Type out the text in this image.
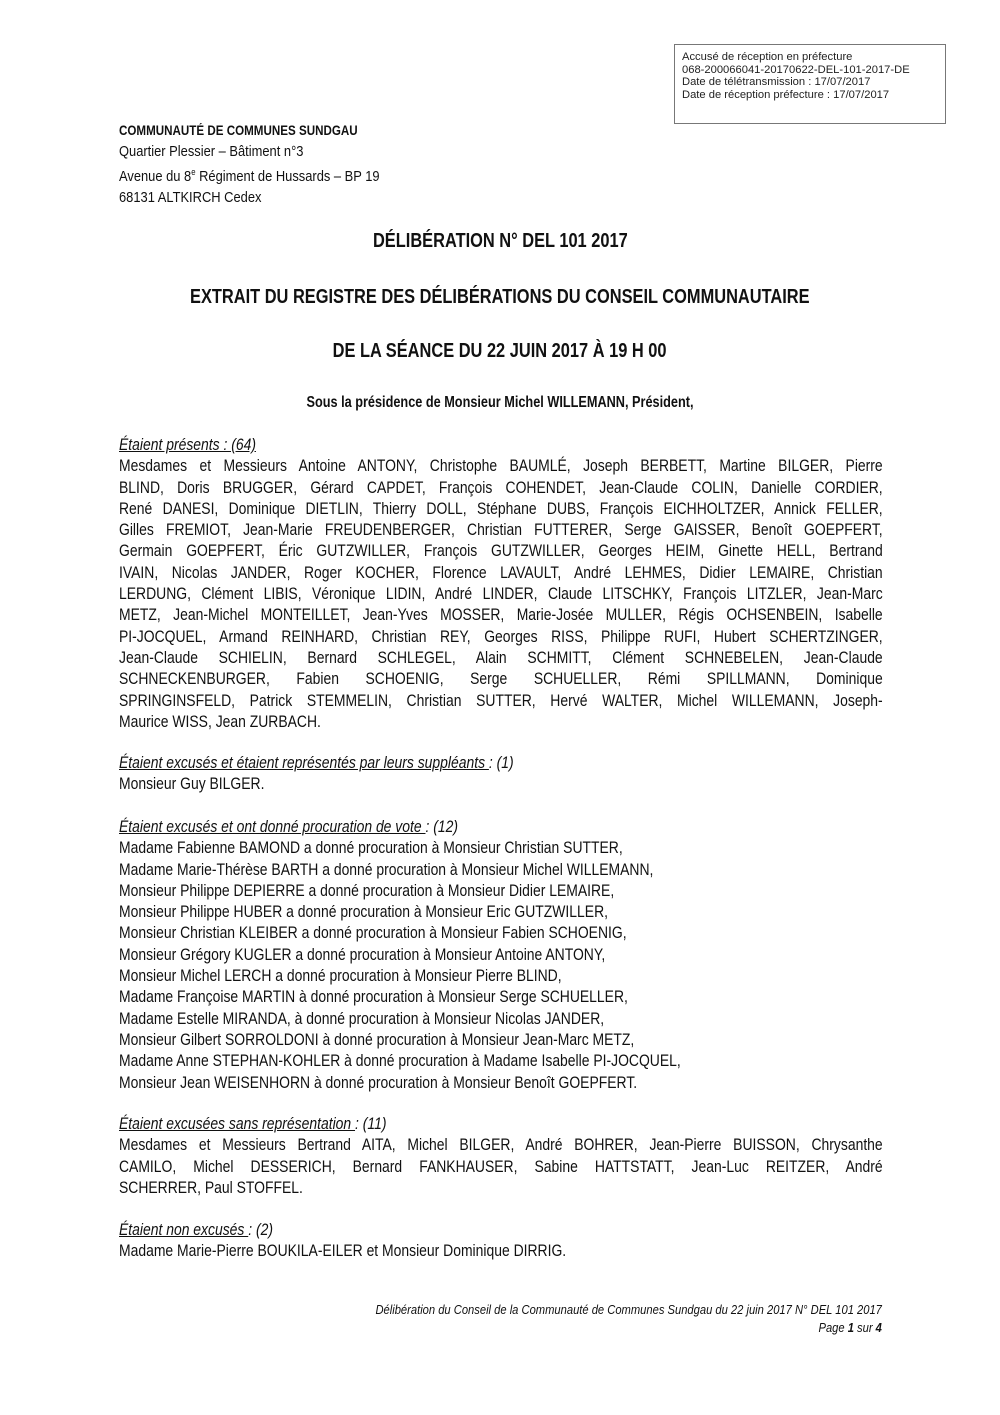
Accusé de réception en préfecture
068-200066041-20170622-DEL-101-2017-DE
Date de télétransmission : 17/07/2017
Date de réception préfecture : 17/07/2017
COMMUNAUTÉ DE COMMUNES SUNDGAU
Quartier Plessier – Bâtiment n°3
Avenue du 8e Régiment de Hussards – BP 19
68131 ALTKIRCH Cedex
DÉLIBÉRATION N° DEL 101 2017
EXTRAIT DU REGISTRE DES DÉLIBÉRATIONS DU CONSEIL COMMUNAUTAIRE
DE LA SÉANCE DU 22 JUIN 2017 À 19 H 00
Sous la présidence de Monsieur Michel WILLEMANN, Président,
Étaient présents : (64)
Mesdames et Messieurs Antoine ANTONY, Christophe BAUMLÉ, Joseph BERBETT, Martine BILGER, Pierre
BLIND, Doris BRUGGER, Gérard CAPDET, François COHENDET, Jean-Claude COLIN, Danielle CORDIER,
René DANESI, Dominique DIETLIN, Thierry DOLL, Stéphane DUBS, François EICHHOLTZER, Annick FELLER,
Gilles FREMIOT, Jean-Marie FREUDENBERGER, Christian FUTTERER, Serge GAISSER, Benoît GOEPFERT,
Germain GOEPFERT, Éric GUTZWILLER, François GUTZWILLER, Georges HEIM, Ginette HELL, Bertrand
IVAIN, Nicolas JANDER, Roger KOCHER, Florence LAVAULT, André LEHMES, Didier LEMAIRE, Christian
LERDUNG, Clément LIBIS, Véronique LIDIN, André LINDER, Claude LITSCHKY, François LITZLER, Jean-Marc
METZ, Jean-Michel MONTEILLET, Jean-Yves MOSSER, Marie-Josée MULLER, Régis OCHSENBEIN, Isabelle
PI-JOCQUEL, Armand REINHARD, Christian REY, Georges RISS, Philippe RUFI, Hubert SCHERTZINGER,
Jean-Claude SCHIELIN, Bernard SCHLEGEL, Alain SCHMITT, Clément SCHNEBELEN, Jean-Claude
SCHNECKENBURGER, Fabien SCHOENIG, Serge SCHUELLER, Rémi SPILLMANN, Dominique
SPRINGINSFELD, Patrick STEMMELIN, Christian SUTTER, Hervé WALTER, Michel WILLEMANN, Joseph-
Maurice WISS, Jean ZURBACH.
Étaient excusés et étaient représentés par leurs suppléants : (1)
Monsieur Guy BILGER.
Étaient excusés et ont donné procuration de vote : (12)
Madame Fabienne BAMOND a donné procuration à Monsieur Christian SUTTER,
Madame Marie-Thérèse BARTH a donné procuration à Monsieur Michel WILLEMANN,
Monsieur Philippe DEPIERRE a donné procuration à Monsieur Didier LEMAIRE,
Monsieur Philippe HUBER a donné procuration à Monsieur Eric GUTZWILLER,
Monsieur Christian KLEIBER a donné procuration à Monsieur Fabien SCHOENIG,
Monsieur Grégory KUGLER a donné procuration à Monsieur Antoine ANTONY,
Monsieur Michel LERCH a donné procuration à Monsieur Pierre BLIND,
Madame Françoise MARTIN à donné procuration à Monsieur Serge SCHUELLER,
Madame Estelle MIRANDA, à donné procuration à Monsieur Nicolas JANDER,
Monsieur Gilbert SORROLDONI à donné procuration à Monsieur Jean-Marc METZ,
Madame Anne STEPHAN-KOHLER à donné procuration à Madame Isabelle PI-JOCQUEL,
Monsieur Jean WEISENHORN à donné procuration à Monsieur Benoît GOEPFERT.
Étaient excusées sans représentation : (11)
Mesdames et Messieurs Bertrand AITA, Michel BILGER, André BOHRER, Jean-Pierre BUISSON, Chrysanthe
CAMILO, Michel DESSERICH, Bernard FANKHAUSER, Sabine HATTSTATT, Jean-Luc REITZER, André
SCHERRER, Paul STOFFEL.
Étaient non excusés : (2)
Madame Marie-Pierre BOUKILA-EILER et Monsieur Dominique DIRRIG.
Délibération du Conseil de la Communauté de Communes Sundgau du 22 juin 2017 N° DEL 101 2017
Page 1 sur 4
